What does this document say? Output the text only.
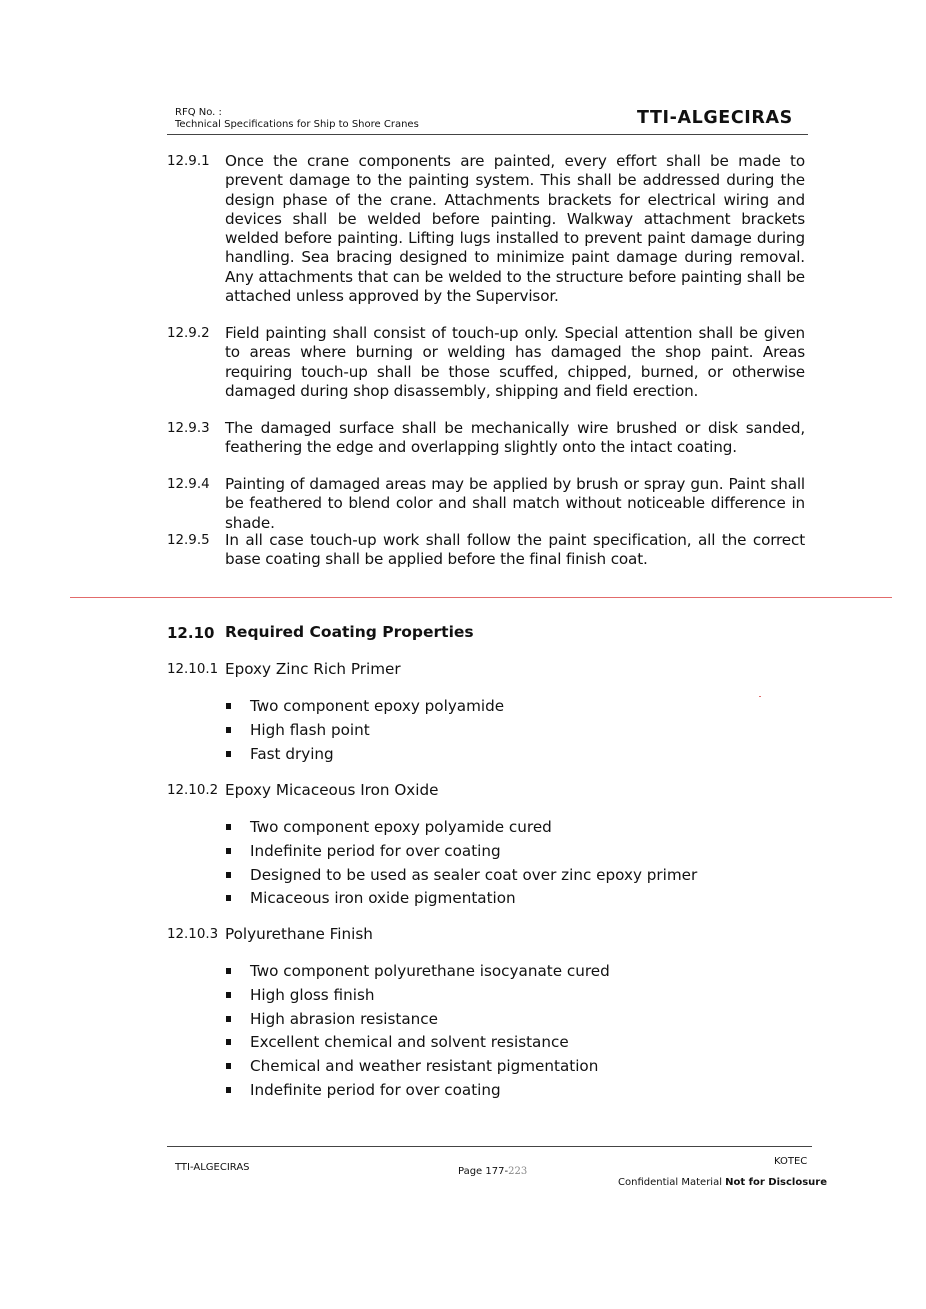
RFQ No. :
Technical Specifications for Ship to Shore Cranes	TTI-ALGECIRAS
12.9.1 Once the crane components are painted, every effort shall be made to prevent damage to the painting system. This shall be addressed during the design phase of the crane. Attachments brackets for electrical wiring and devices shall be welded before painting. Walkway attachment brackets welded before painting. Lifting lugs installed to prevent paint damage during handling. Sea bracing designed to minimize paint damage during removal. Any attachments that can be welded to the structure before painting shall be attached unless approved by the Supervisor.
12.9.2 Field painting shall consist of touch-up only. Special attention shall be given to areas where burning or welding has damaged the shop paint. Areas requiring touch-up shall be those scuffed, chipped, burned, or otherwise damaged during shop disassembly, shipping and field erection.
12.9.3 The damaged surface shall be mechanically wire brushed or disk sanded, feathering the edge and overlapping slightly onto the intact coating.
12.9.4 Painting of damaged areas may be applied by brush or spray gun. Paint shall be feathered to blend color and shall match without noticeable difference in shade.
12.9.5 In all case touch-up work shall follow the paint specification, all the correct base coating shall be applied before the final finish coat.
12.10 Required Coating Properties
12.10.1 Epoxy Zinc Rich Primer
Two component epoxy polyamide
High flash point
Fast drying
12.10.2 Epoxy Micaceous Iron Oxide
Two component epoxy polyamide cured
Indefinite period for over coating
Designed to be used as sealer coat over zinc epoxy primer
Micaceous iron oxide pigmentation
12.10.3 Polyurethane Finish
Two component polyurethane isocyanate cured
High gloss finish
High abrasion resistance
Excellent chemical and solvent resistance
Chemical and weather resistant pigmentation
Indefinite period for over coating
TTI-ALGECIRAS	Page 177-223
KOTEC
Confidential Material Not for Disclosure
